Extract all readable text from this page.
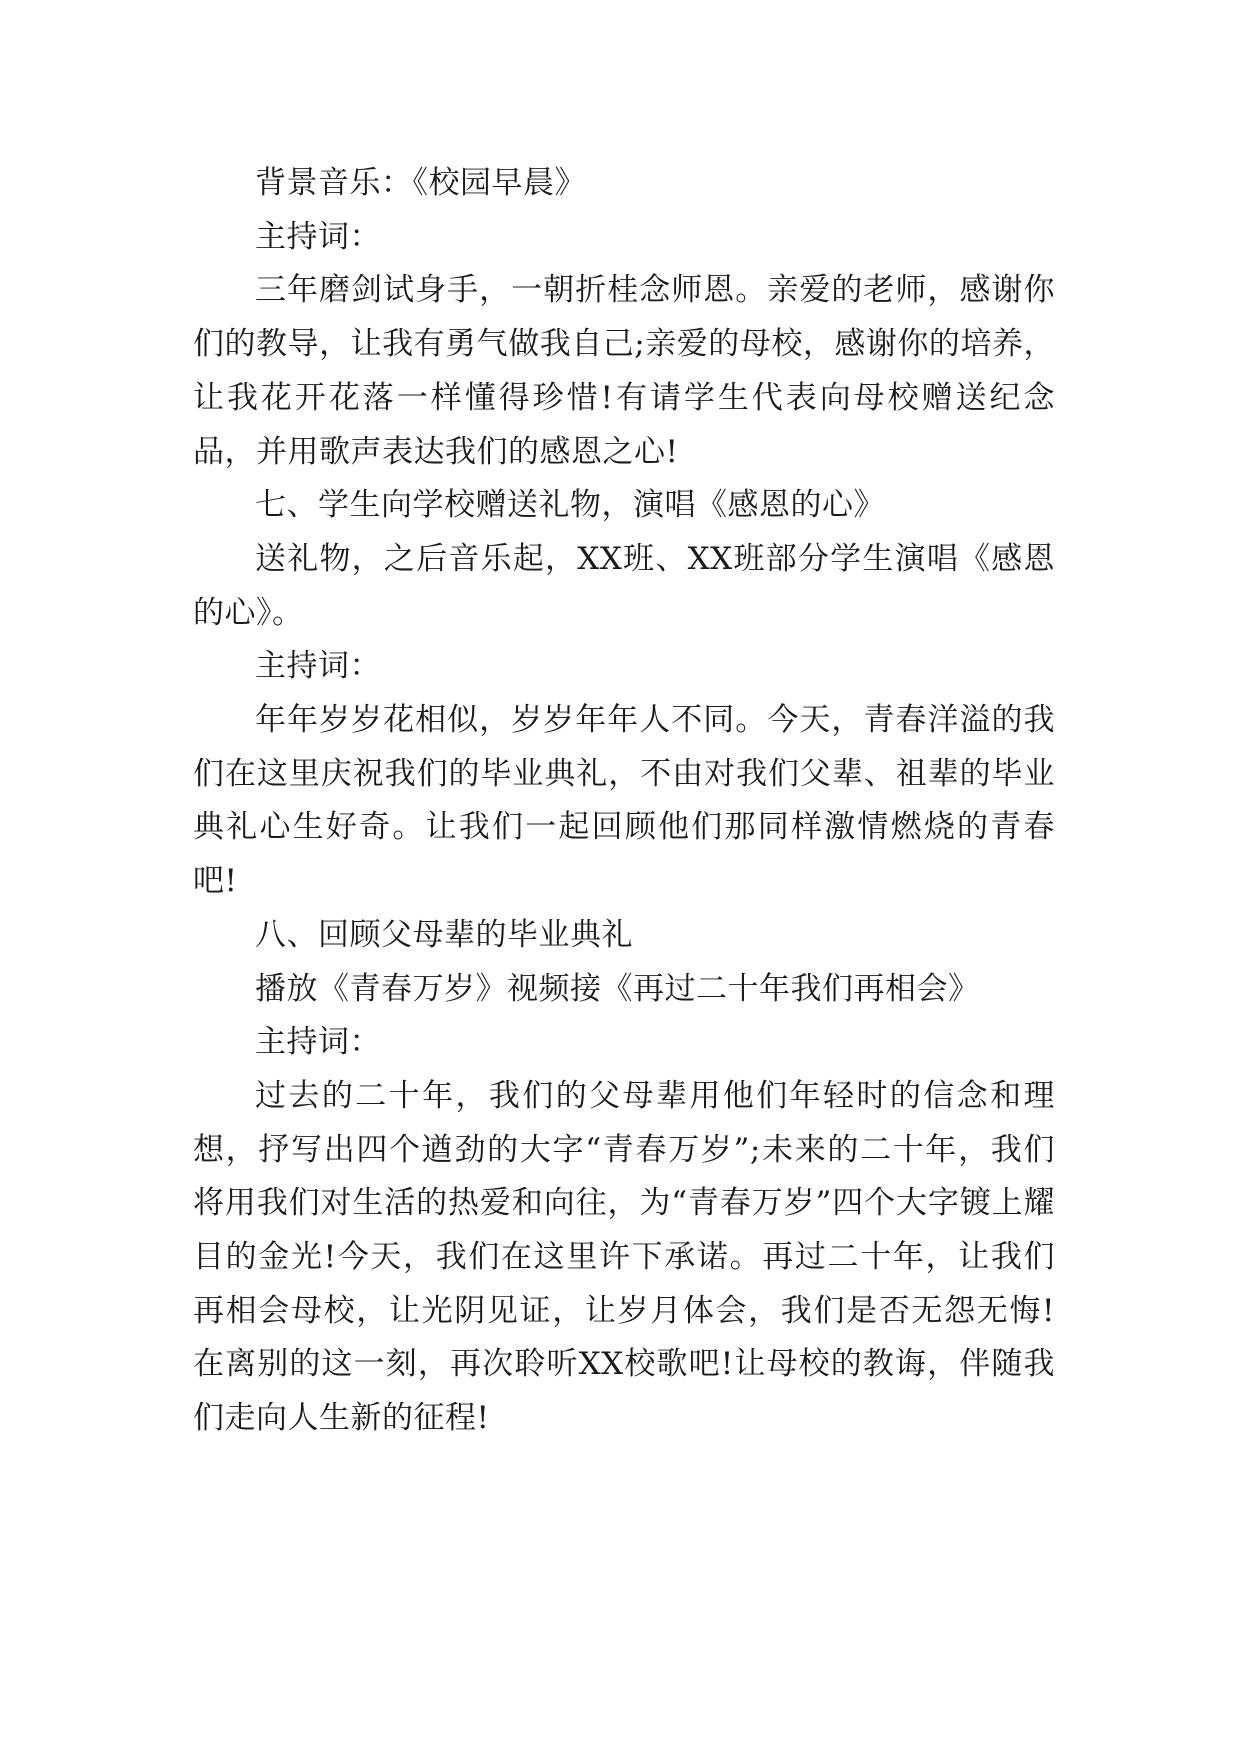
背景音乐：《校园早晨》

主持词：

三年磨剑试身手，一朝折桂念师恩。亲爱的老师，感谢你们的教导，让我有勇气做我自己;亲爱的母校，感谢你的培养，让我花开花落一样懂得珍惜!有请学生代表向母校赠送纪念品，并用歌声表达我们的感恩之心!

七、学生向学校赠送礼物，演唱《感恩的心》

送礼物，之后音乐起，XX班、XX班部分学生演唱《感恩的心》。

主持词：

年年岁岁花相似，岁岁年年人不同。今天，青春洋溢的我们在这里庆祝我们的毕业典礼，不由对我们父辈、祖辈的毕业典礼心生好奇。让我们一起回顾他们那同样激情燃烧的青春吧!

八、回顾父母辈的毕业典礼

播放《青春万岁》视频接《再过二十年我们再相会》

主持词：

过去的二十年，我们的父母辈用他们年轻时的信念和理想，抒写出四个遒劲的大字“青春万岁”;未来的二十年，我们将用我们对生活的热爱和向往，为“青春万岁”四个大字镀上耀目的金光!今天，我们在这里许下承诺。再过二十年，让我们再相会母校，让光阴见证，让岁月体会，我们是否无怨无悔!在离别的这一刻，再次聆听XX校歌吧!让母校的教诲，伴随我们走向人生新的征程!
